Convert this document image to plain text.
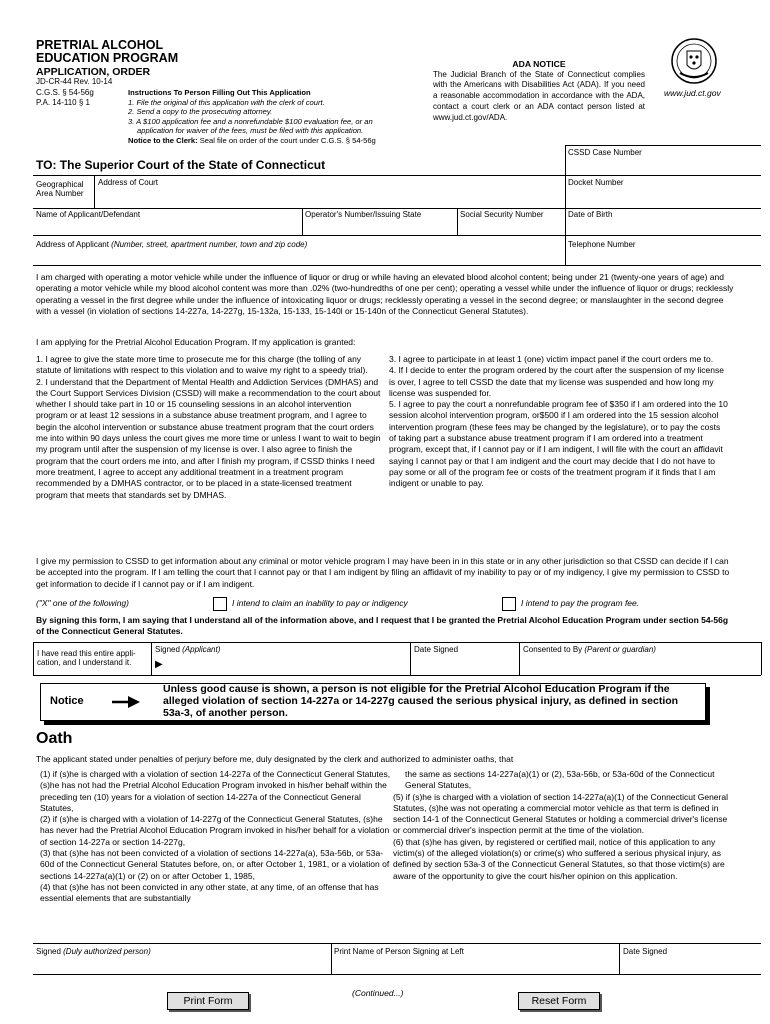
PRETRIAL ALCOHOL
EDUCATION PROGRAM
APPLICATION, ORDER
JD-CR-44 Rev. 10-14
C.G.S. § 54-56g
P.A. 14-110 § 1
Instructions To Person Filling Out This Application
1. File the original of this application with the clerk of court.
2. Send a copy to the prosecuting attorney.
3. A $100 application fee and a nonrefundable $100 evaluation fee, or an
application for waiver of the fees, must be filed with this application.
Notice to the Clerk: Seal file on order of the court under C.G.S. § 54-56g
ADA NOTICE
The Judicial Branch of the State of Connecticut complies with the Americans with Disabilities Act (ADA). If you need a reasonable accommodation in accordance with the ADA, contact a court clerk or an ADA contact person listed at www.jud.ct.gov/ADA.
www.jud.ct.gov
CSSD Case Number
TO: The Superior Court of the State of Connecticut
Geographical Area Number
Address of Court	Docket Number
Name of Applicant/Defendant	Operator's Number/Issuing State	Social Security Number	Date of Birth
Address of Applicant (Number, street, apartment number, town and zip code)	Telephone Number
I am charged with operating a motor vehicle while under the influence of liquor or drug or while having an elevated blood alcohol content; being under 21 (twenty-one years of age) and operating a motor vehicle while my blood alcohol content was more than .02% (two-hundredths of one per cent); operating a vessel while under the influence of liquor or drugs; recklessly operating a vessel in the first degree while under the influence of intoxicating liquor or drugs; recklessly operating a vessel in the second degree; or manslaughter in the second degree with a vessel (in violation of sections 14-227a, 14-227g, 15-132a, 15-133, 15-140l or 15-140n of the Connecticut General Statutes).
I am applying for the Pretrial Alcohol Education Program. If my application is granted:

1. I agree to give the state more time to prosecute me for this charge (the tolling of any statute of limitations with respect to this violation and to waive my right to a speedy trial).

2. I understand that the Department of Mental Health and Addiction Services (DMHAS) and the Court Support Services Division (CSSD) will make a recommendation to the court about whether I should take part in 10 or 15 counseling sessions in an alcohol intervention program or at least 12 sessions in a substance abuse treatment program, and I agree to begin the alcohol intervention or substance abuse treatment program that the court orders me into within 90 days unless the court gives me more time or unless I want to wait to begin my program until after the suspension of my license is over. I also agree to finish the program that the court orders me into, and after I finish my program, if CSSD thinks I need more treatment, I agree to accept any additional treatment in a treatment program recommended by a DMHAS contractor, or to be placed in a state-licensed treatment program that meets that standards set by DMHAS.

3. I agree to participate in at least 1 (one) victim impact panel if the court orders me to.

4. If I decide to enter the program ordered by the court after the suspension of my license is over, I agree to tell CSSD the date that my license was suspended and how long my license was suspended for.

5. I agree to pay the court a nonrefundable program fee of $350 if I am ordered into the 10 session alcohol intervention program, or$500 if I am ordered into the 15 session alcohol intervention program (these fees may be changed by the legislature), or to pay the costs of taking part a substance abuse treatment program if I am ordered into a treatment program, except that, if I cannot pay or if I am indigent, I will file with the court an affidavit saying I cannot pay or that I am indigent and the court may decide that I do not have to pay some or all of the program fee or costs of the treatment program if it finds that I am indigent or unable to pay.

I give my permission to CSSD to get information about any criminal or motor vehicle program I may have been in in this state or in any other jurisdiction so that CSSD can decide if I can be accepted into the program. If I am telling the court that I cannot pay or that I am indigent by filing an affidavit of my inability to pay or of my indigency, I give my permission to CSSD to get information to decide if I cannot pay or if I am indigent.
("X" one of the following)	I intend to claim an inability to pay or indigency	I intend to pay the program fee.
By signing this form, I am saying that I understand all of the information above, and I request that I be granted the Pretrial Alcohol Education Program under section 54-56g of the Connecticut General Statutes.
I have read this entire appli-
cation, and I understand it.
Signed (Applicant)
▶
Date Signed	Consented to By (Parent or guardian)
Notice
Unless good cause is shown, a person is not eligible for the Pretrial Alcohol Education Program if the alleged violation of section 14-227a or 14-227g caused the serious physical injury, as defined in section 53a-3, of another person.
Oath
The applicant stated under penalties of perjury before me, duly designated by the clerk and authorized to administer oaths, that

(1) if (s)he is charged with a violation of section 14-227a of the Connecticut General Statutes, (s)he has not had the Pretrial Alcohol Education Program invoked in his/her behalf within the preceding ten (10) years for a violation of section 14-227a of the Connecticut General Statutes,

(2) if (s)he is charged with a violation of 14-227g of the Connecticut General Statutes, (s)he has never had the Pretrial Alcohol Education Program invoked in his/her behalf for a violation of section 14-227a or section 14-227g,

(3) that (s)he has not been convicted of a violation of sections 14-227a(a), 53a-56b, or 53a-60d of the Connecticut General Statutes before, on, or after October 1, 1981, or a violation of sections 14-227a(a)(1) or (2) on or after October 1, 1985,

(4) that (s)he has not been convicted in any other state, at any time, of an offense that has essential elements that are substantially

the same as sections 14-227a(a)(1) or (2), 53a-56b, or 53a-60d of the Connecticut General Statutes,

(5) if (s)he is charged with a violation of section 14-227a(a)(1) of the Connecticut General Statutes, (s)he was not operating a commercial motor vehicle as that term is defined in section 14-1 of the Connecticut General Statutes or holding a commercial driver's license or commercial driver's inspection permit at the time of the violation.

(6) that (s)he has given, by registered or certified mail, notice of this application to any victim(s) of the alleged violation(s) or crime(s) who suffered a serious physical injury, as defined by section 53a-3 of the Connecticut General Statutes, so that those victim(s) are aware of the opportunity to give the court his/her opinion on this application.

Signed (Duly authorized person)	Print Name of Person Signing at Left	Date Signed
(Continued...)
Print Form	Reset Form
